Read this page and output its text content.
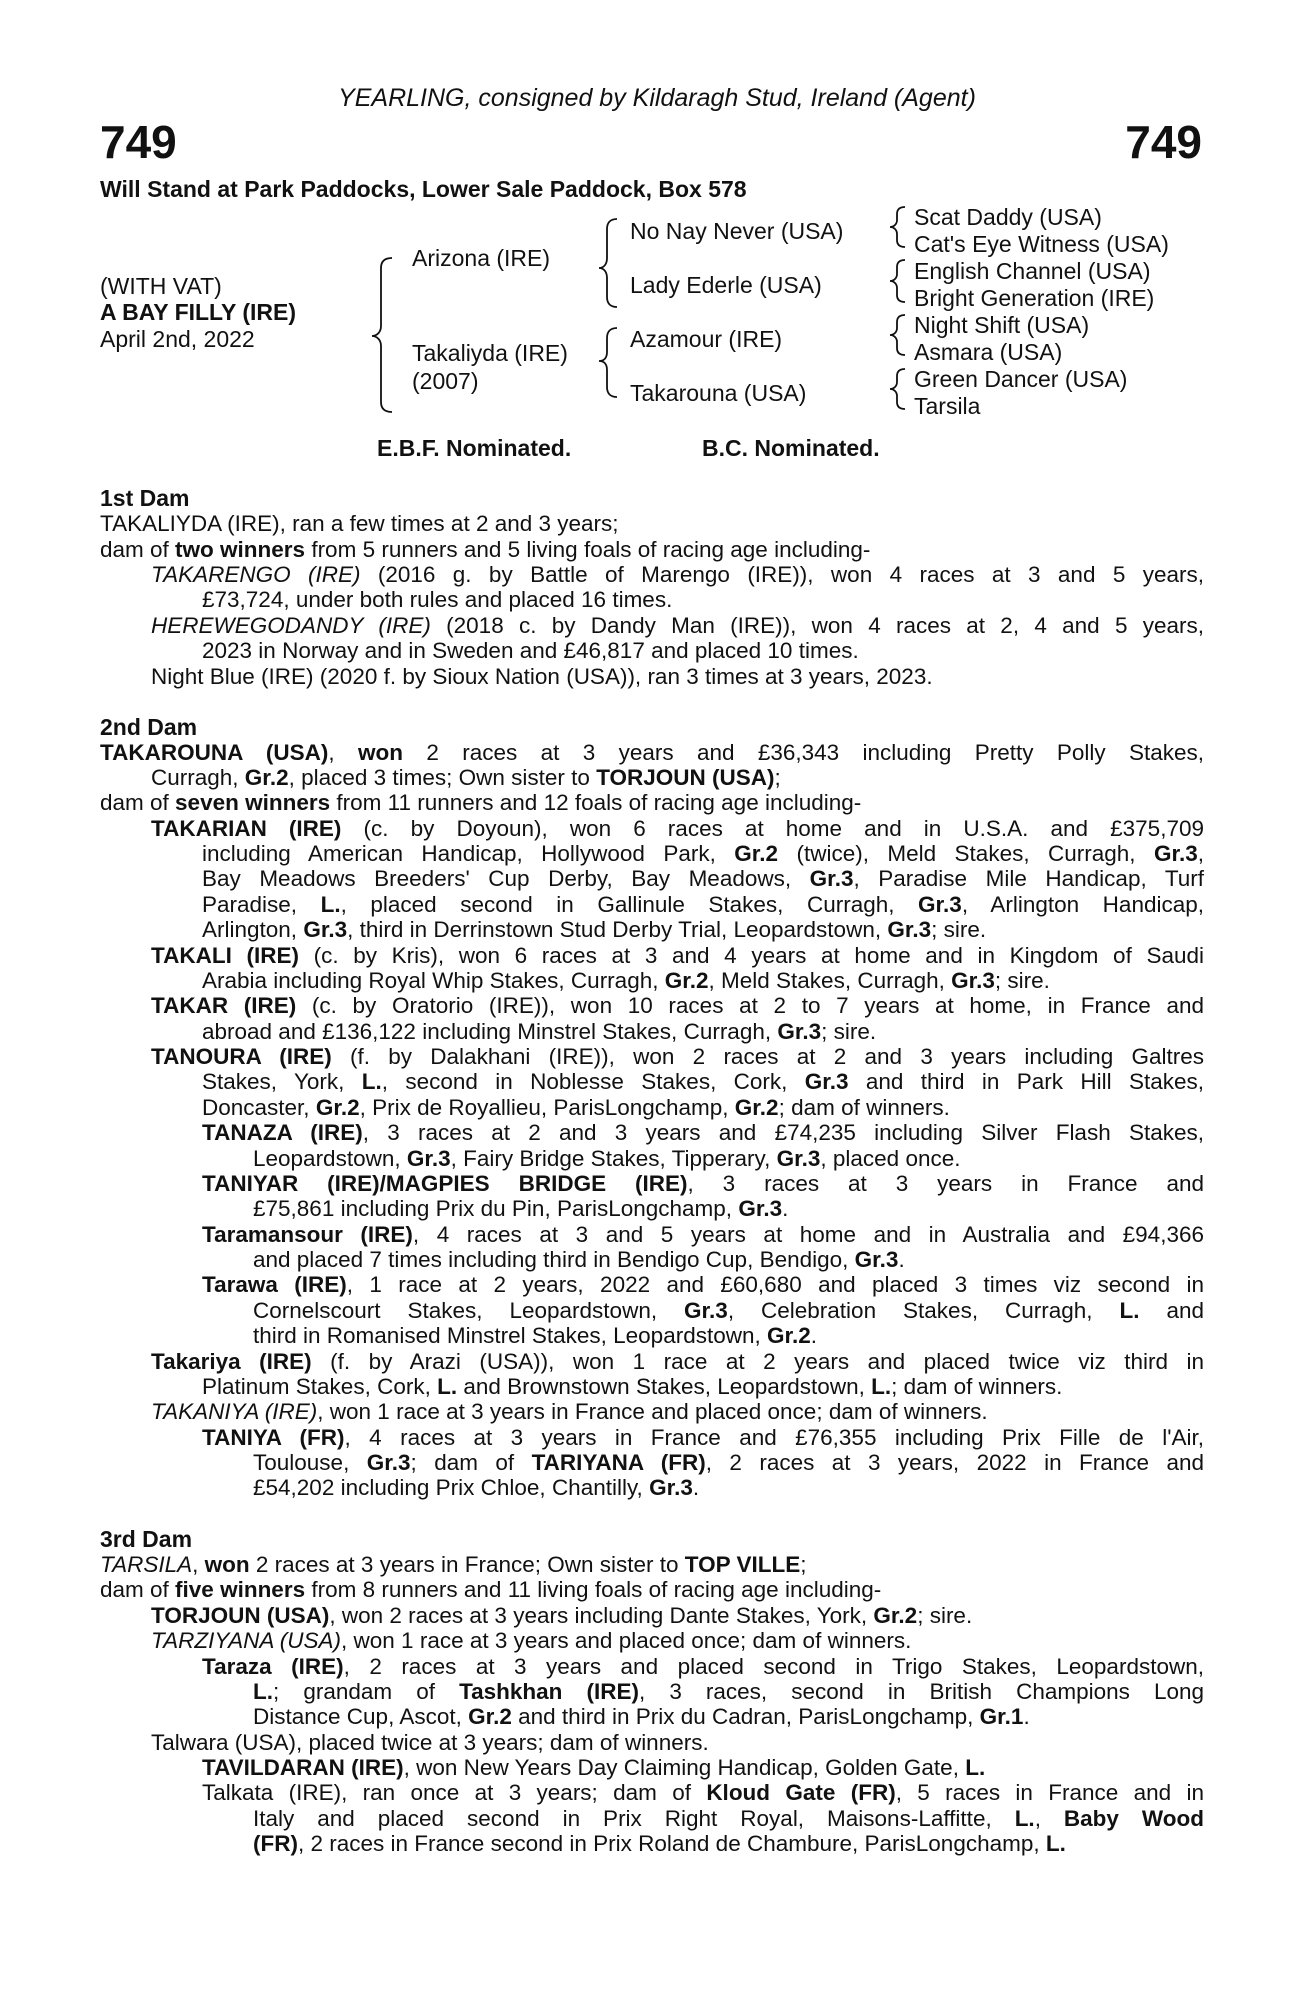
YEARLING, consigned by Kildaragh Stud, Ireland (Agent)
749	749
Will Stand at Park Paddocks, Lower Sale Paddock, Box 578
(WITH VAT)
A BAY FILLY (IRE)
April 2nd, 2022
Arizona (IRE)
Takaliyda (IRE)
(2007)
No Nay Never (USA)
Lady Ederle (USA)
Azamour (IRE)
Takarouna (USA)
Scat Daddy (USA)
Cat's Eye Witness (USA)
English Channel (USA)
Bright Generation (IRE)
Night Shift (USA)
Asmara (USA)
Green Dancer (USA)
Tarsila
E.B.F. Nominated.	B.C. Nominated.
1st Dam
TAKALIYDA (IRE), ran a few times at 2 and 3 years;
dam of two winners from 5 runners and 5 living foals of racing age including-
TAKARENGO (IRE) (2016 g. by Battle of Marengo (IRE)), won 4 races at 3 and 5 years,
£73,724, under both rules and placed 16 times.
HEREWEGODANDY (IRE) (2018 c. by Dandy Man (IRE)), won 4 races at 2, 4 and 5 years,
2023 in Norway and in Sweden and £46,817 and placed 10 times.
Night Blue (IRE) (2020 f. by Sioux Nation (USA)), ran 3 times at 3 years, 2023.
2nd Dam
TAKAROUNA (USA), won 2 races at 3 years and £36,343 including Pretty Polly Stakes,
Curragh, Gr.2, placed 3 times; Own sister to TORJOUN (USA);
dam of seven winners from 11 runners and 12 foals of racing age including-
TAKARIAN (IRE) (c. by Doyoun), won 6 races at home and in U.S.A. and £375,709
including American Handicap, Hollywood Park, Gr.2 (twice), Meld Stakes, Curragh, Gr.3,
Bay Meadows Breeders' Cup Derby, Bay Meadows, Gr.3, Paradise Mile Handicap, Turf
Paradise, L., placed second in Gallinule Stakes, Curragh, Gr.3, Arlington Handicap,
Arlington, Gr.3, third in Derrinstown Stud Derby Trial, Leopardstown, Gr.3; sire.
TAKALI (IRE) (c. by Kris), won 6 races at 3 and 4 years at home and in Kingdom of Saudi
Arabia including Royal Whip Stakes, Curragh, Gr.2, Meld Stakes, Curragh, Gr.3; sire.
TAKAR (IRE) (c. by Oratorio (IRE)), won 10 races at 2 to 7 years at home, in France and
abroad and £136,122 including Minstrel Stakes, Curragh, Gr.3; sire.
TANOURA (IRE) (f. by Dalakhani (IRE)), won 2 races at 2 and 3 years including Galtres
Stakes, York, L., second in Noblesse Stakes, Cork, Gr.3 and third in Park Hill Stakes,
Doncaster, Gr.2, Prix de Royallieu, ParisLongchamp, Gr.2; dam of winners.
TANAZA (IRE), 3 races at 2 and 3 years and £74,235 including Silver Flash Stakes,
Leopardstown, Gr.3, Fairy Bridge Stakes, Tipperary, Gr.3, placed once.
TANIYAR (IRE)/MAGPIES BRIDGE (IRE), 3 races at 3 years in France and
£75,861 including Prix du Pin, ParisLongchamp, Gr.3.
Taramansour (IRE), 4 races at 3 and 5 years at home and in Australia and £94,366
and placed 7 times including third in Bendigo Cup, Bendigo, Gr.3.
Tarawa (IRE), 1 race at 2 years, 2022 and £60,680 and placed 3 times viz second in
Cornelscourt Stakes, Leopardstown, Gr.3, Celebration Stakes, Curragh, L. and
third in Romanised Minstrel Stakes, Leopardstown, Gr.2.
Takariya (IRE) (f. by Arazi (USA)), won 1 race at 2 years and placed twice viz third in
Platinum Stakes, Cork, L. and Brownstown Stakes, Leopardstown, L.; dam of winners.
TAKANIYA (IRE), won 1 race at 3 years in France and placed once; dam of winners.
TANIYA (FR), 4 races at 3 years in France and £76,355 including Prix Fille de l'Air,
Toulouse, Gr.3; dam of TARIYANA (FR), 2 races at 3 years, 2022 in France and
£54,202 including Prix Chloe, Chantilly, Gr.3.
3rd Dam
TARSILA, won 2 races at 3 years in France; Own sister to TOP VILLE;
dam of five winners from 8 runners and 11 living foals of racing age including-
TORJOUN (USA), won 2 races at 3 years including Dante Stakes, York, Gr.2; sire.
TARZIYANA (USA), won 1 race at 3 years and placed once; dam of winners.
Taraza (IRE), 2 races at 3 years and placed second in Trigo Stakes, Leopardstown,
L.; grandam of Tashkhan (IRE), 3 races, second in British Champions Long
Distance Cup, Ascot, Gr.2 and third in Prix du Cadran, ParisLongchamp, Gr.1.
Talwara (USA), placed twice at 3 years; dam of winners.
TAVILDARAN (IRE), won New Years Day Claiming Handicap, Golden Gate, L.
Talkata (IRE), ran once at 3 years; dam of Kloud Gate (FR), 5 races in France and in
Italy and placed second in Prix Right Royal, Maisons-Laffitte, L., Baby Wood
(FR), 2 races in France second in Prix Roland de Chambure, ParisLongchamp, L.
